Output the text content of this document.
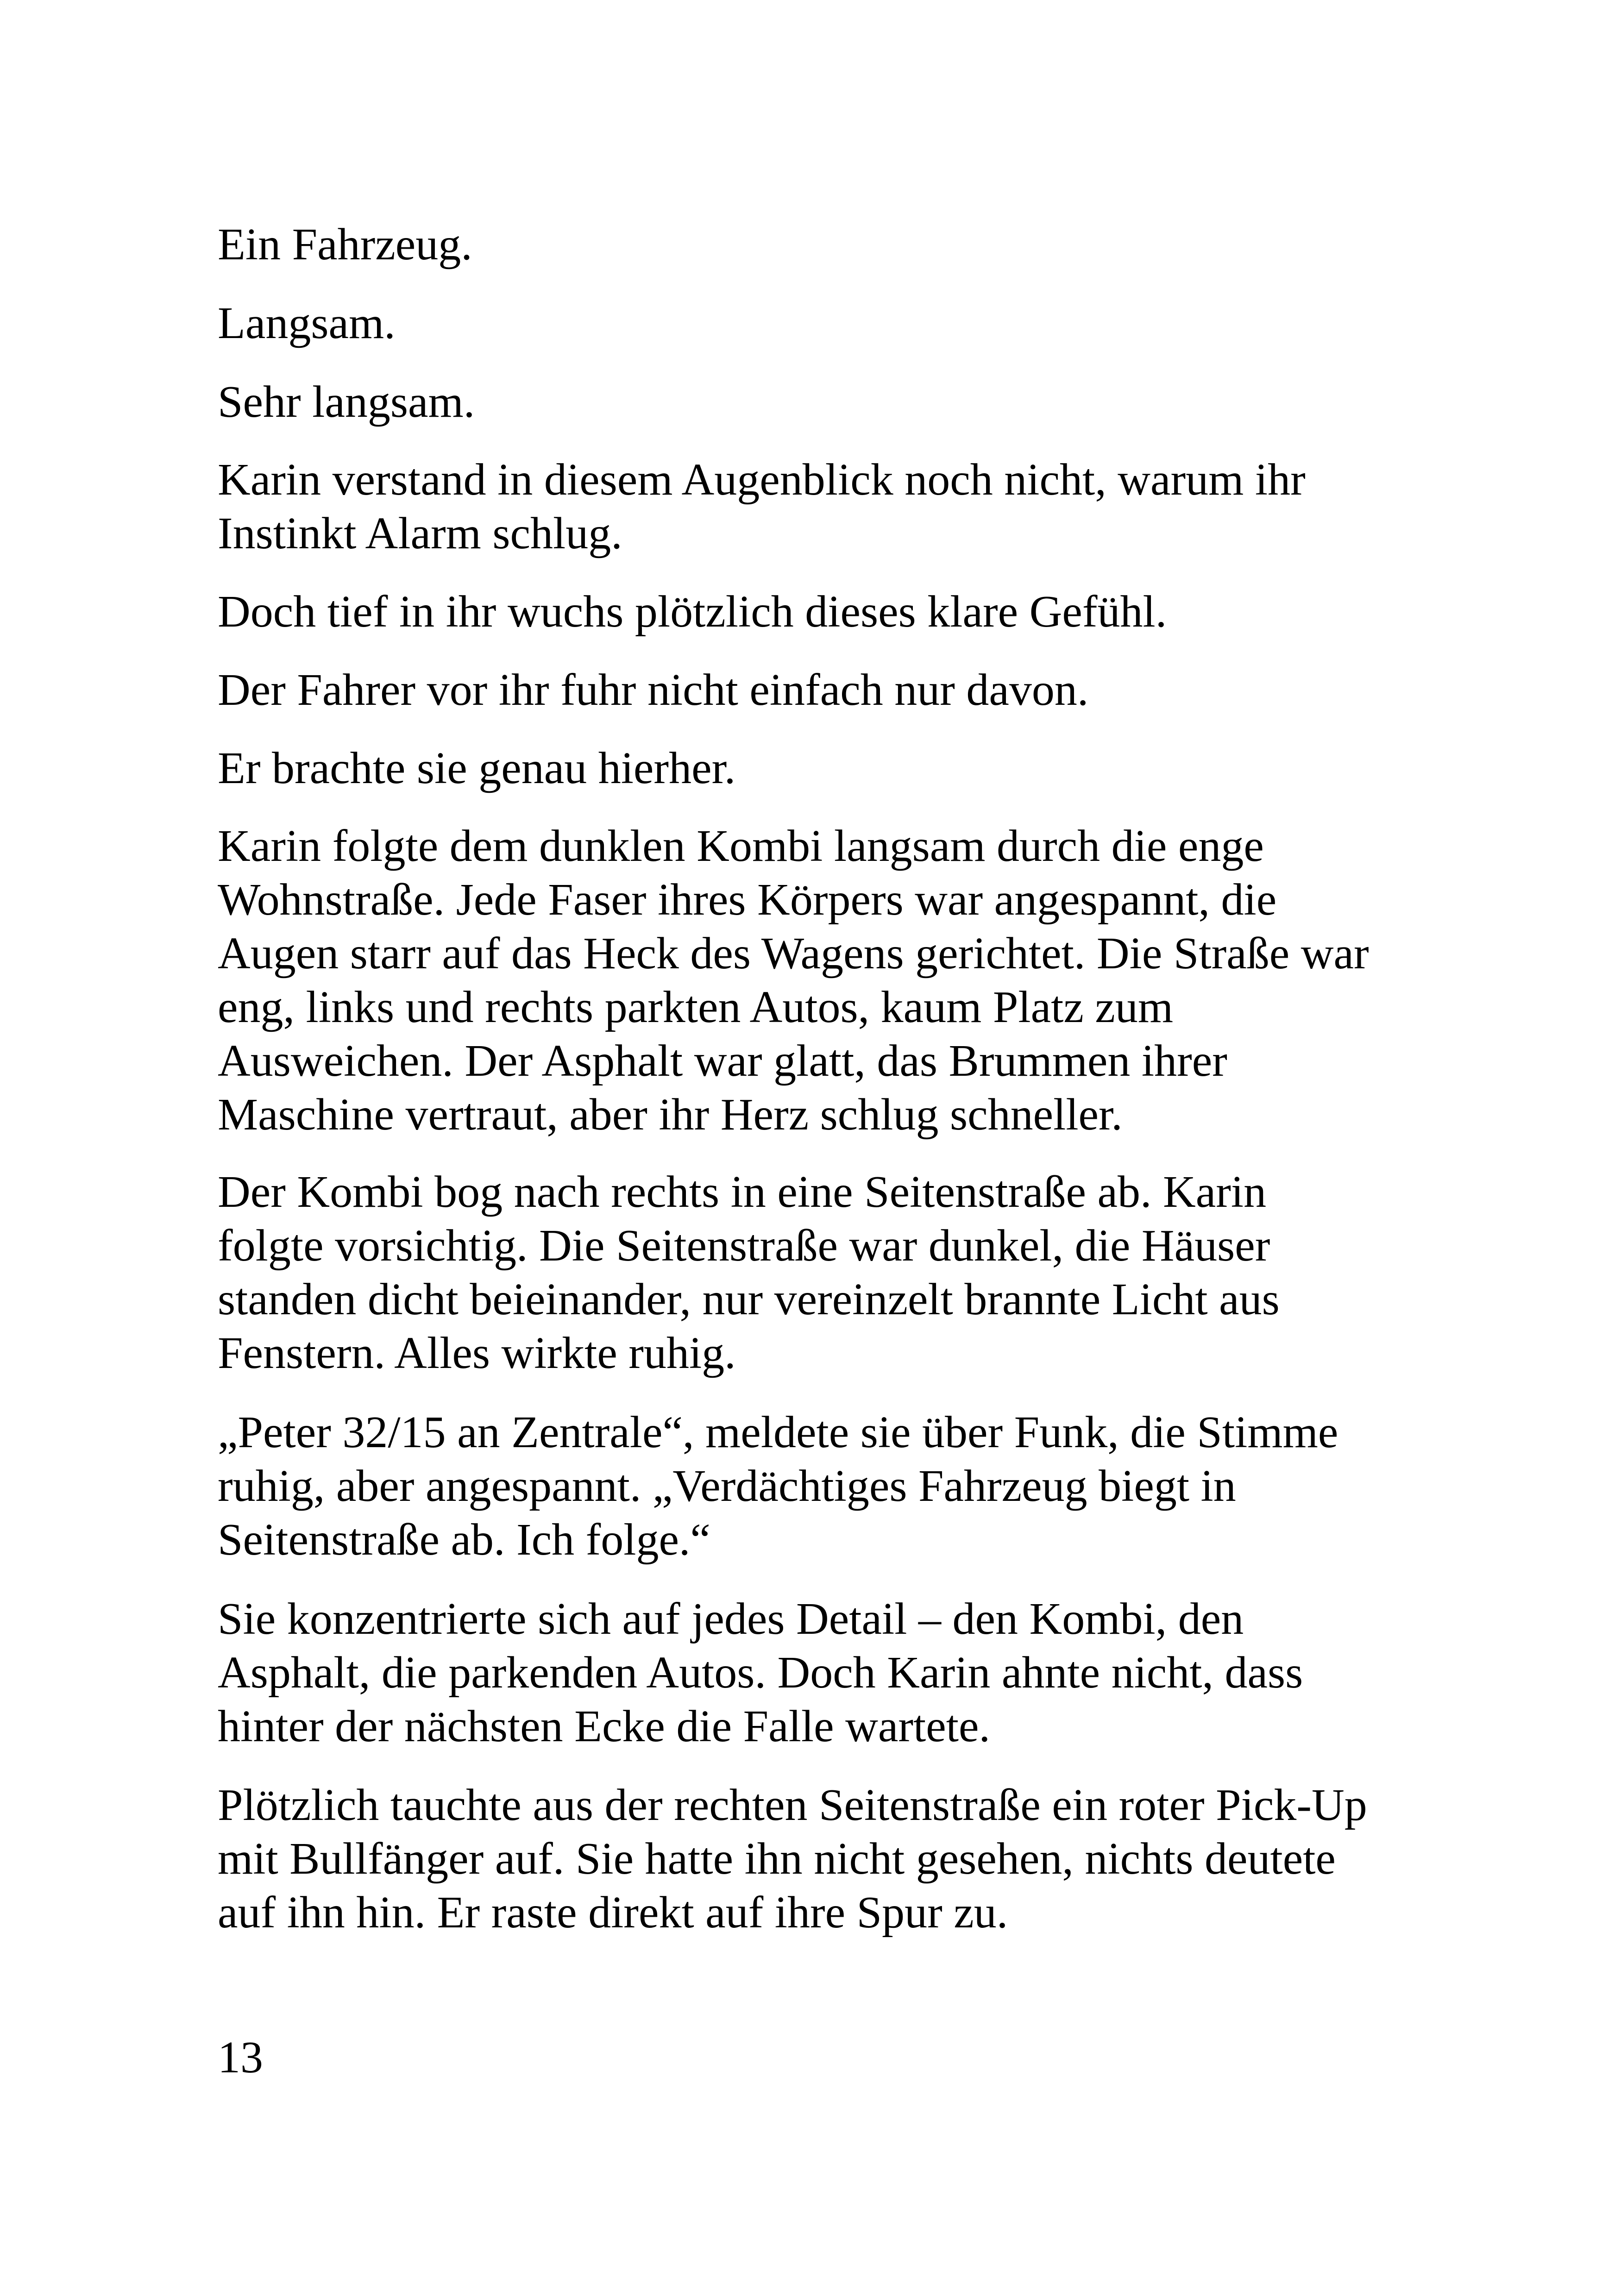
Ein Fahrzeug.

Langsam.

Sehr langsam.

Karin verstand in diesem Augenblick noch nicht, warum ihr
Instinkt Alarm schlug.

Doch tief in ihr wuchs plötzlich dieses klare Gefühl.

Der Fahrer vor ihr fuhr nicht einfach nur davon.

Er brachte sie genau hierher.

Karin folgte dem dunklen Kombi langsam durch die enge
Wohnstraße. Jede Faser ihres Körpers war angespannt, die
Augen starr auf das Heck des Wagens gerichtet. Die Straße war
eng, links und rechts parkten Autos, kaum Platz zum
Ausweichen. Der Asphalt war glatt, das Brummen ihrer
Maschine vertraut, aber ihr Herz schlug schneller.

Der Kombi bog nach rechts in eine Seitenstraße ab. Karin
folgte vorsichtig. Die Seitenstraße war dunkel, die Häuser
standen dicht beieinander, nur vereinzelt brannte Licht aus
Fenstern. Alles wirkte ruhig.

„Peter 32/15 an Zentrale“, meldete sie über Funk, die Stimme
ruhig, aber angespannt. „Verdächtiges Fahrzeug biegt in
Seitenstraße ab. Ich folge.“

Sie konzentrierte sich auf jedes Detail – den Kombi, den
Asphalt, die parkenden Autos. Doch Karin ahnte nicht, dass
hinter der nächsten Ecke die Falle wartete.

Plötzlich tauchte aus der rechten Seitenstraße ein roter Pick-Up
mit Bullfänger auf. Sie hatte ihn nicht gesehen, nichts deutete
auf ihn hin. Er raste direkt auf ihre Spur zu.

13
